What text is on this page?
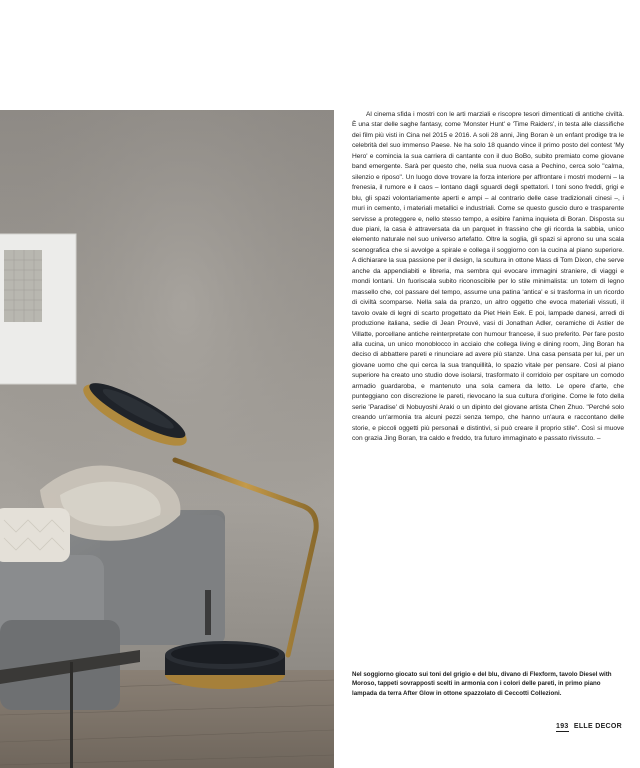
Al cinema sfida i mostri con le arti marziali e riscopre tesori dimenticati di antiche civiltà. È una star delle saghe fantasy, come 'Monster Hunt' e 'Time Raiders', in testa alle classifiche dei film più visti in Cina nel 2015 e 2016. A soli 28 anni, Jing Boran è un enfant prodige tra le celebrità del suo immenso Paese. Ne ha solo 18 quando vince il primo posto del contest 'My Hero' e comincia la sua carriera di cantante con il duo BoBo, subito premiato come giovane band emergente. Sarà per questo che, nella sua nuova casa a Pechino, cerca solo "calma, silenzio e riposo". Un luogo dove trovare la forza interiore per affrontare i mostri moderni – la frenesia, il rumore e il caos – lontano dagli sguardi degli spettatori. I toni sono freddi, grigi e blu, gli spazi volontariamente aperti e ampi – al contrario delle case tradizionali cinesi –, i muri in cemento, i materiali metallici e industriali. Come se questo guscio duro e trasparente servisse a proteggere e, nello stesso tempo, a esibire l'anima inquieta di Boran. Disposta su due piani, la casa è attraversata da un parquet in frassino che gli ricorda la sabbia, unico elemento naturale nel suo universo artefatto. Oltre la soglia, gli spazi si aprono su una scala scenografica che si avvolge a spirale e collega il soggiorno con la cucina al piano superiore. A dichiarare la sua passione per il design, la scultura in ottone Mass di Tom Dixon, che serve anche da appendiabiti e libreria, ma sembra qui evocare immagini straniere, di viaggi e mondi lontani. Un fuoriscala subito riconoscibile per lo stile minimalista: un totem di legno massello che, col passare del tempo, assume una patina 'antica' e si trasforma in un ricordo di civiltà scomparse. Nella sala da pranzo, un altro oggetto che evoca materiali vissuti, il tavolo ovale di legni di scarto progettato da Piet Hein Eek. E poi, lampade danesi, arredi di produzione italiana, sedie di Jean Prouvé, vasi di Jonathan Adler, ceramiche di Astier de Villatte, porcellane antiche reinterpretate con humour francese, il suo preferito. Per fare posto alla cucina, un unico monoblocco in acciaio che collega living e dining room, Jing Boran ha deciso di abbattere pareti e rinunciare ad avere più stanze. Una casa pensata per lui, per un giovane uomo che qui cerca la sua tranquillità, lo spazio vitale per pensare. Così al piano superiore ha creato uno studio dove isolarsi, trasformato il corridoio per ospitare un comodo armadio guardaroba, e mantenuto una sola camera da letto. Le opere d'arte, che punteggiano con discrezione le pareti, rievocano la sua cultura d'origine. Come le foto della serie 'Paradise' di Nobuyoshi Araki o un dipinto del giovane artista Chen Zhuo. "Perché solo creando un'armonia tra alcuni pezzi senza tempo, che hanno un'aura e raccontano delle storie, e piccoli oggetti più personali e distintivi, si può creare il proprio stile". Così si muove con grazia Jing Boran, tra caldo e freddo, tra futuro immaginato e passato rivissuto. –

Nel soggiorno giocato sui toni del grigio e del blu, divano di Flexform, tavolo Diesel with Moroso, tappeti sovrapposti scelti in armonia con i colori delle pareti, in primo piano lampada da terra After Glow in ottone spazzolato di Ceccotti Collezioni.
193 ELLE DECOR
